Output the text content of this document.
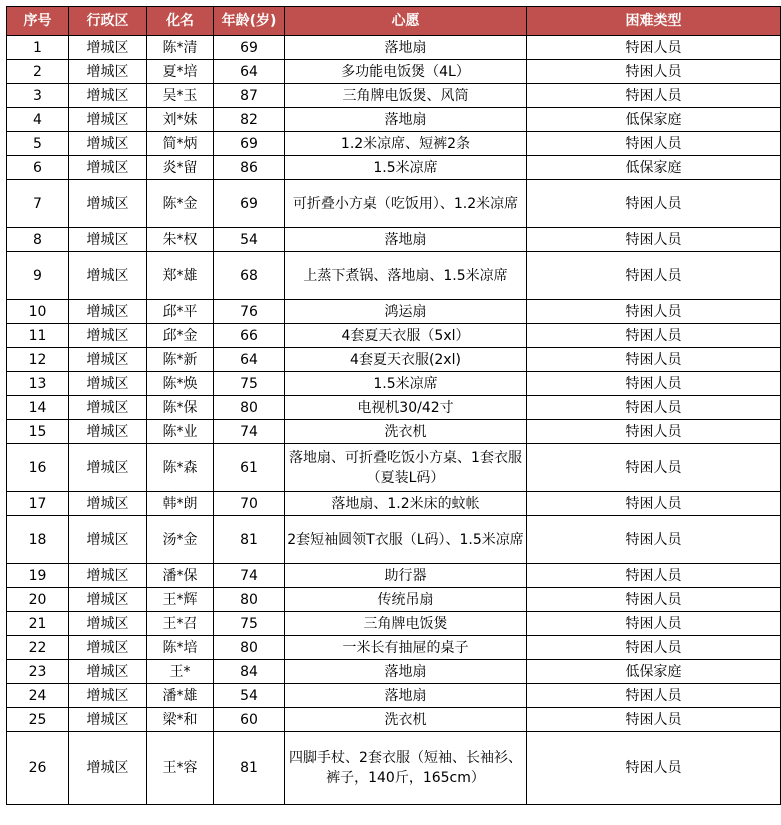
序号	行政区	化名	年龄(岁)	心愿	困难类型
1	增城区	陈*清	69	落地扇	特困人员
2	增城区	夏*培	64	多功能电饭煲（4L）	特困人员
3	增城区	吴*玉	87	三角牌电饭煲、风筒	特困人员
4	增城区	刘*妹	82	落地扇	低保家庭
5	增城区	简*炳	69	1.2米凉席、短裤2条	特困人员
6	增城区	炎*留	86	1.5米凉席	低保家庭
7	增城区	陈*金	69	可折叠小方桌（吃饭用）、1.2米凉席	特困人员
8	增城区	朱*权	54	落地扇	特困人员
9	增城区	郑*雄	68	上蒸下煮锅、落地扇、1.5米凉席	特困人员
10	增城区	邱*平	76	鸿运扇	特困人员
11	增城区	邱*金	66	4套夏天衣服（5xl）	特困人员
12	增城区	陈*新	64	4套夏天衣服(2xl)	特困人员
13	增城区	陈*焕	75	1.5米凉席	特困人员
14	增城区	陈*保	80	电视机30/42寸	特困人员
15	增城区	陈*业	74	洗衣机	特困人员
16	增城区	陈*森	61	落地扇、可折叠吃饭小方桌、1套衣服（夏装L码）	特困人员
17	增城区	韩*朗	70	落地扇、1.2米床的蚊帐	特困人员
18	增城区	汤*金	81	2套短袖圆领T衣服（L码）、1.5米凉席	特困人员
19	增城区	潘*保	74	助行器	特困人员
20	增城区	王*辉	80	传统吊扇	特困人员
21	增城区	王*召	75	三角牌电饭煲	特困人员
22	增城区	陈*培	80	一米长有抽屉的桌子	特困人员
23	增城区	王*	84	落地扇	低保家庭
24	增城区	潘*雄	54	落地扇	特困人员
25	增城区	梁*和	60	洗衣机	特困人员
26	增城区	王*容	81	四脚手杖、2套衣服（短袖、长袖衫、裤子，140斤，165cm）	特困人员
